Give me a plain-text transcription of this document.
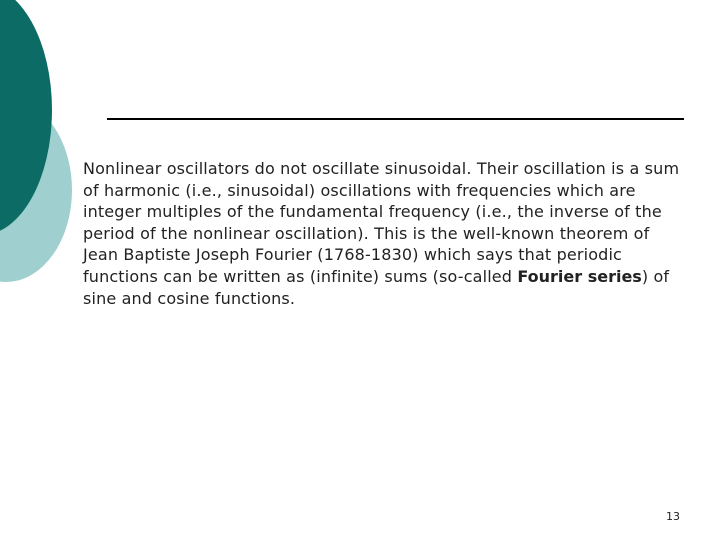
Nonlinear oscillators do not oscillate sinusoidal. Their oscillation is a sum of harmonic (i.e., sinusoidal) oscillations with frequencies which are integer multiples of the fundamental frequency (i.e., the inverse of the period of the nonlinear oscillation). This is the well-known theorem of Jean Baptiste Joseph Fourier (1768-1830) which says that periodic functions can be written as (infinite) sums (so-called Fourier series) of sine and cosine functions.
13
